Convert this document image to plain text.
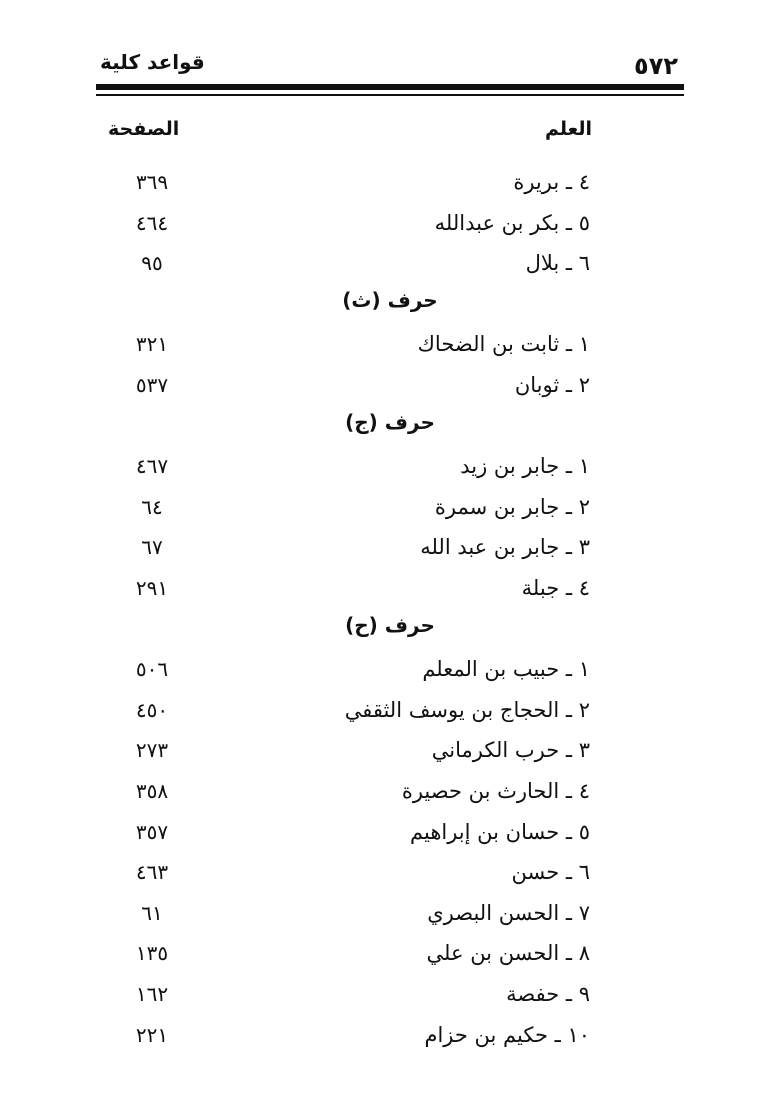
٥٧٢
قواعد كلية
العلم
الصفحة
٤ ـ بريرة
٣٦٩
٥ ـ بكر بن عبدالله
٤٦٤
٦ ـ بلال
٩٥
حرف (ث)
١ ـ ثابت بن الضحاك
٣٢١
٢ ـ ثوبان
٥٣٧
حرف (ج)
١ ـ جابر بن زيد
٤٦٧
٢ ـ جابر بن سمرة
٦٤
٣ ـ جابر بن عبد الله
٦٧
٤ ـ جبلة
٢٩١
حرف (ح)
١ ـ حبيب بن المعلم
٥٠٦
٢ ـ الحجاج بن يوسف الثقفي
٤٥٠
٣ ـ حرب الكرماني
٢٧٣
٤ ـ الحارث بن حصيرة
٣٥٨
٥ ـ حسان بن إبراهيم
٣٥٧
٦ ـ حسن
٤٦٣
٧ ـ الحسن البصري
٦١
٨ ـ الحسن بن علي
١٣٥
٩ ـ حفصة
١٦٢
١٠ ـ حكيم بن حزام
٢٢١
